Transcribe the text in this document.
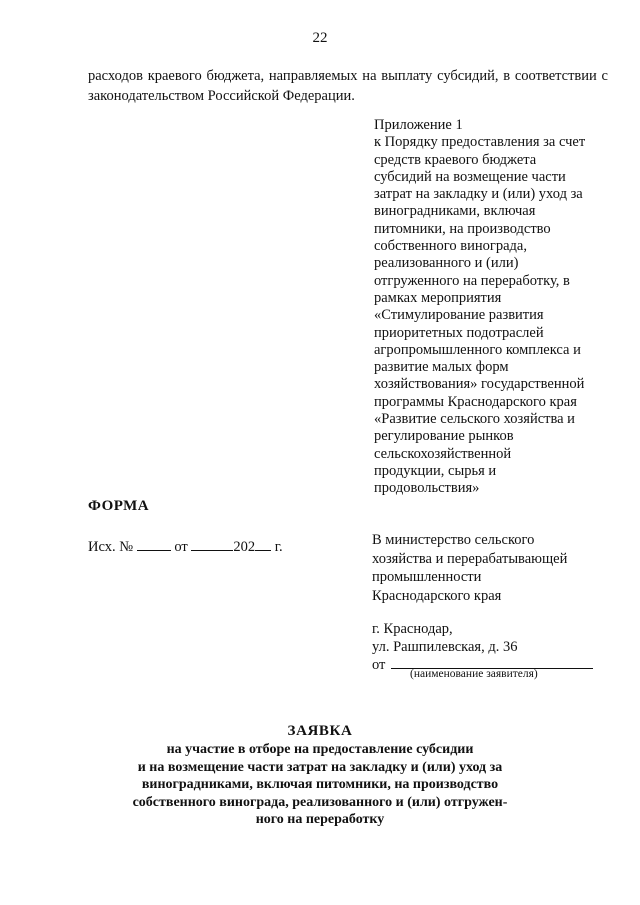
22
расходов краевого бюджета, направляемых на выплату субсидий, в соответствии с законодательством Российской Федерации.
Приложение 1
к Порядку предоставления за счет
средств краевого бюджета
субсидий на возмещение части
затрат на закладку и (или) уход за
виноградниками, включая
питомники, на производство
собственного винограда,
реализованного и (или)
отгруженного на переработку, в
рамках мероприятия
«Стимулирование развития
приоритетных подотраслей
агропромышленного комплекса и
развитие малых форм
хозяйствования» государственной
программы Краснодарского края
«Развитие сельского хозяйства и
регулирование рынков
сельскохозяйственной
продукции, сырья и
продовольствия»
ФОРМА
Исх. №	от	202 г.	В министерство сельского
хозяйства и перерабатывающей
промышленности
Краснодарского края
г. Краснодар,
ул. Рашпилевская, д. 36
от
(наименование заявителя)
ЗАЯВКА
на участие в отборе на предоставление субсидии
и на возмещение части затрат на закладку и (или) уход за
виноградниками, включая питомники, на производство
собственного винограда, реализованного и (или) отгружен-
ного на переработку
